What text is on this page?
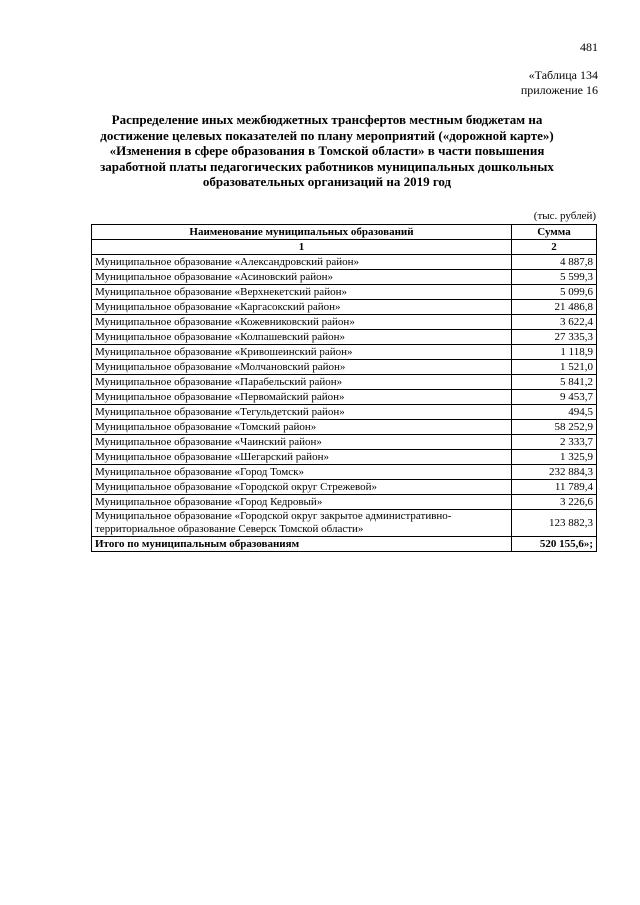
481
«Таблица 134
приложение 16
Распределение иных межбюджетных трансфертов местным бюджетам на достижение целевых показателей по плану мероприятий («дорожной карте») «Изменения в сфере образования в Томской области» в части повышения заработной платы педагогических работников муниципальных дошкольных образовательных организаций на 2019 год
(тыс. рублей)
Наименование муниципальных образований	Сумма
1	2
Муниципальное образование «Александровский район»	4 887,8
Муниципальное образование «Асиновский район»	5 599,3
Муниципальное образование «Верхнекетский район»	5 099,6
Муниципальное образование «Каргасокский район»	21 486,8
Муниципальное образование «Кожевниковский район»	3 622,4
Муниципальное образование «Колпашевский район»	27 335,3
Муниципальное образование «Кривошеинский район»	1 118,9
Муниципальное образование «Молчановский район»	1 521,0
Муниципальное образование «Парабельский район»	5 841,2
Муниципальное образование «Первомайский район»	9 453,7
Муниципальное образование «Тегульдетский район»	494,5
Муниципальное образование «Томский район»	58 252,9
Муниципальное образование «Чаинский район»	2 333,7
Муниципальное образование «Шегарский район»	1 325,9
Муниципальное образование «Город Томск»	232 884,3
Муниципальное образование «Городской округ Стрежевой»	11 789,4
Муниципальное образование «Город Кедровый»	3 226,6
Муниципальное образование «Городской округ закрытое административно-территориальное образование Северск Томской области»	123 882,3
Итого по муниципальным образованиям	520 155,6»;
